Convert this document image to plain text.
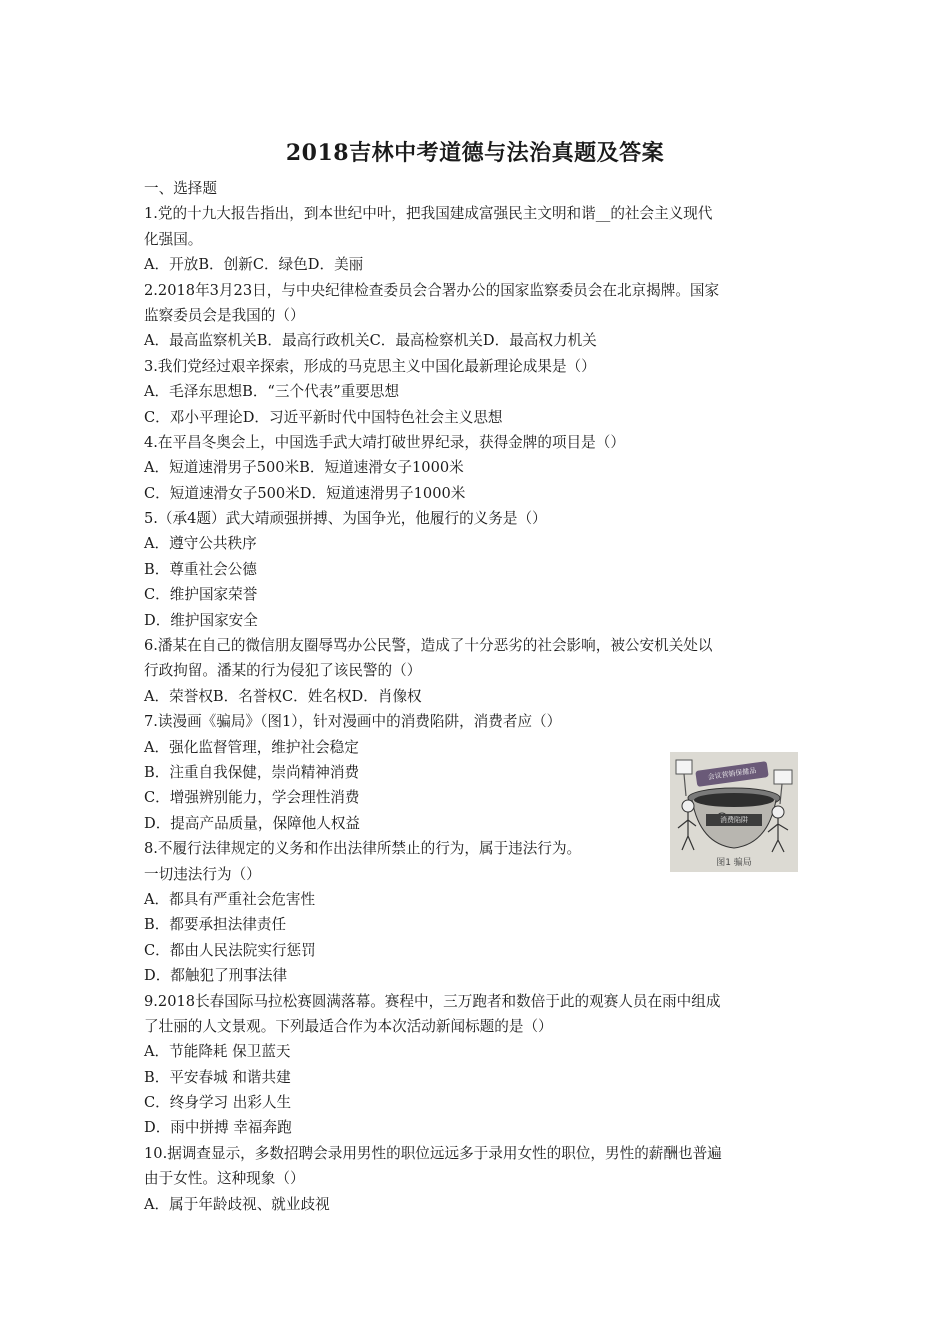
2018吉林中考道德与法治真题及答案
一、选择题
1.党的十九大报告指出，到本世纪中叶，把我国建成富强民主文明和谐__的社会主义现代
化强国。
A．开放B．创新C．绿色D．美丽
2.2018年3月23日，与中央纪律检查委员会合署办公的国家监察委员会在北京揭牌。国家
监察委员会是我国的（）
A．最高监察机关B．最高行政机关C．最高检察机关D．最高权力机关
3.我们党经过艰辛探索，形成的马克思主义中国化最新理论成果是（）
A．毛泽东思想B．“三个代表”重要思想
C．邓小平理论D．习近平新时代中国特色社会主义思想
4.在平昌冬奥会上，中国选手武大靖打破世界纪录，获得金牌的项目是（）
A．短道速滑男子500米B．短道速滑女子1000米
C．短道速滑女子500米D．短道速滑男子1000米
5.（承4题）武大靖顽强拼搏、为国争光，他履行的义务是（）
A．遵守公共秩序
B．尊重社会公德
C．维护国家荣誉
D．维护国家安全
6.潘某在自己的微信朋友圈辱骂办公民警，造成了十分恶劣的社会影响，被公安机关处以
行政拘留。潘某的行为侵犯了该民警的（）
A．荣誉权B．名誉权C．姓名权D．肖像权
7.读漫画《骗局》（图1），针对漫画中的消费陷阱，消费者应（）
A．强化监督管理，维护社会稳定
B．注重自我保健，崇尚精神消费
C．增强辨别能力，学会理性消费
D．提高产品质量，保障他人权益
8.不履行法律规定的义务和作出法律所禁止的行为，属于违法行为。
一切违法行为（）
A．都具有严重社会危害性
B．都要承担法律责任
C．都由人民法院实行惩罚
D．都触犯了刑事法律
9.2018长春国际马拉松赛圆满落幕。赛程中，三万跑者和数倍于此的观赛人员在雨中组成
了壮丽的人文景观。下列最适合作为本次活动新闻标题的是（）
A．节能降耗 保卫蓝天
B．平安春城 和谐共建
C．终身学习 出彩人生
D．雨中拼搏 幸福奔跑
10.据调查显示，多数招聘会录用男性的职位远远多于录用女性的职位，男性的薪酬也普遍
由于女性。这种现象（）
A．属于年龄歧视、就业歧视
会议营销保健品
消费陷阱
图1 骗局
